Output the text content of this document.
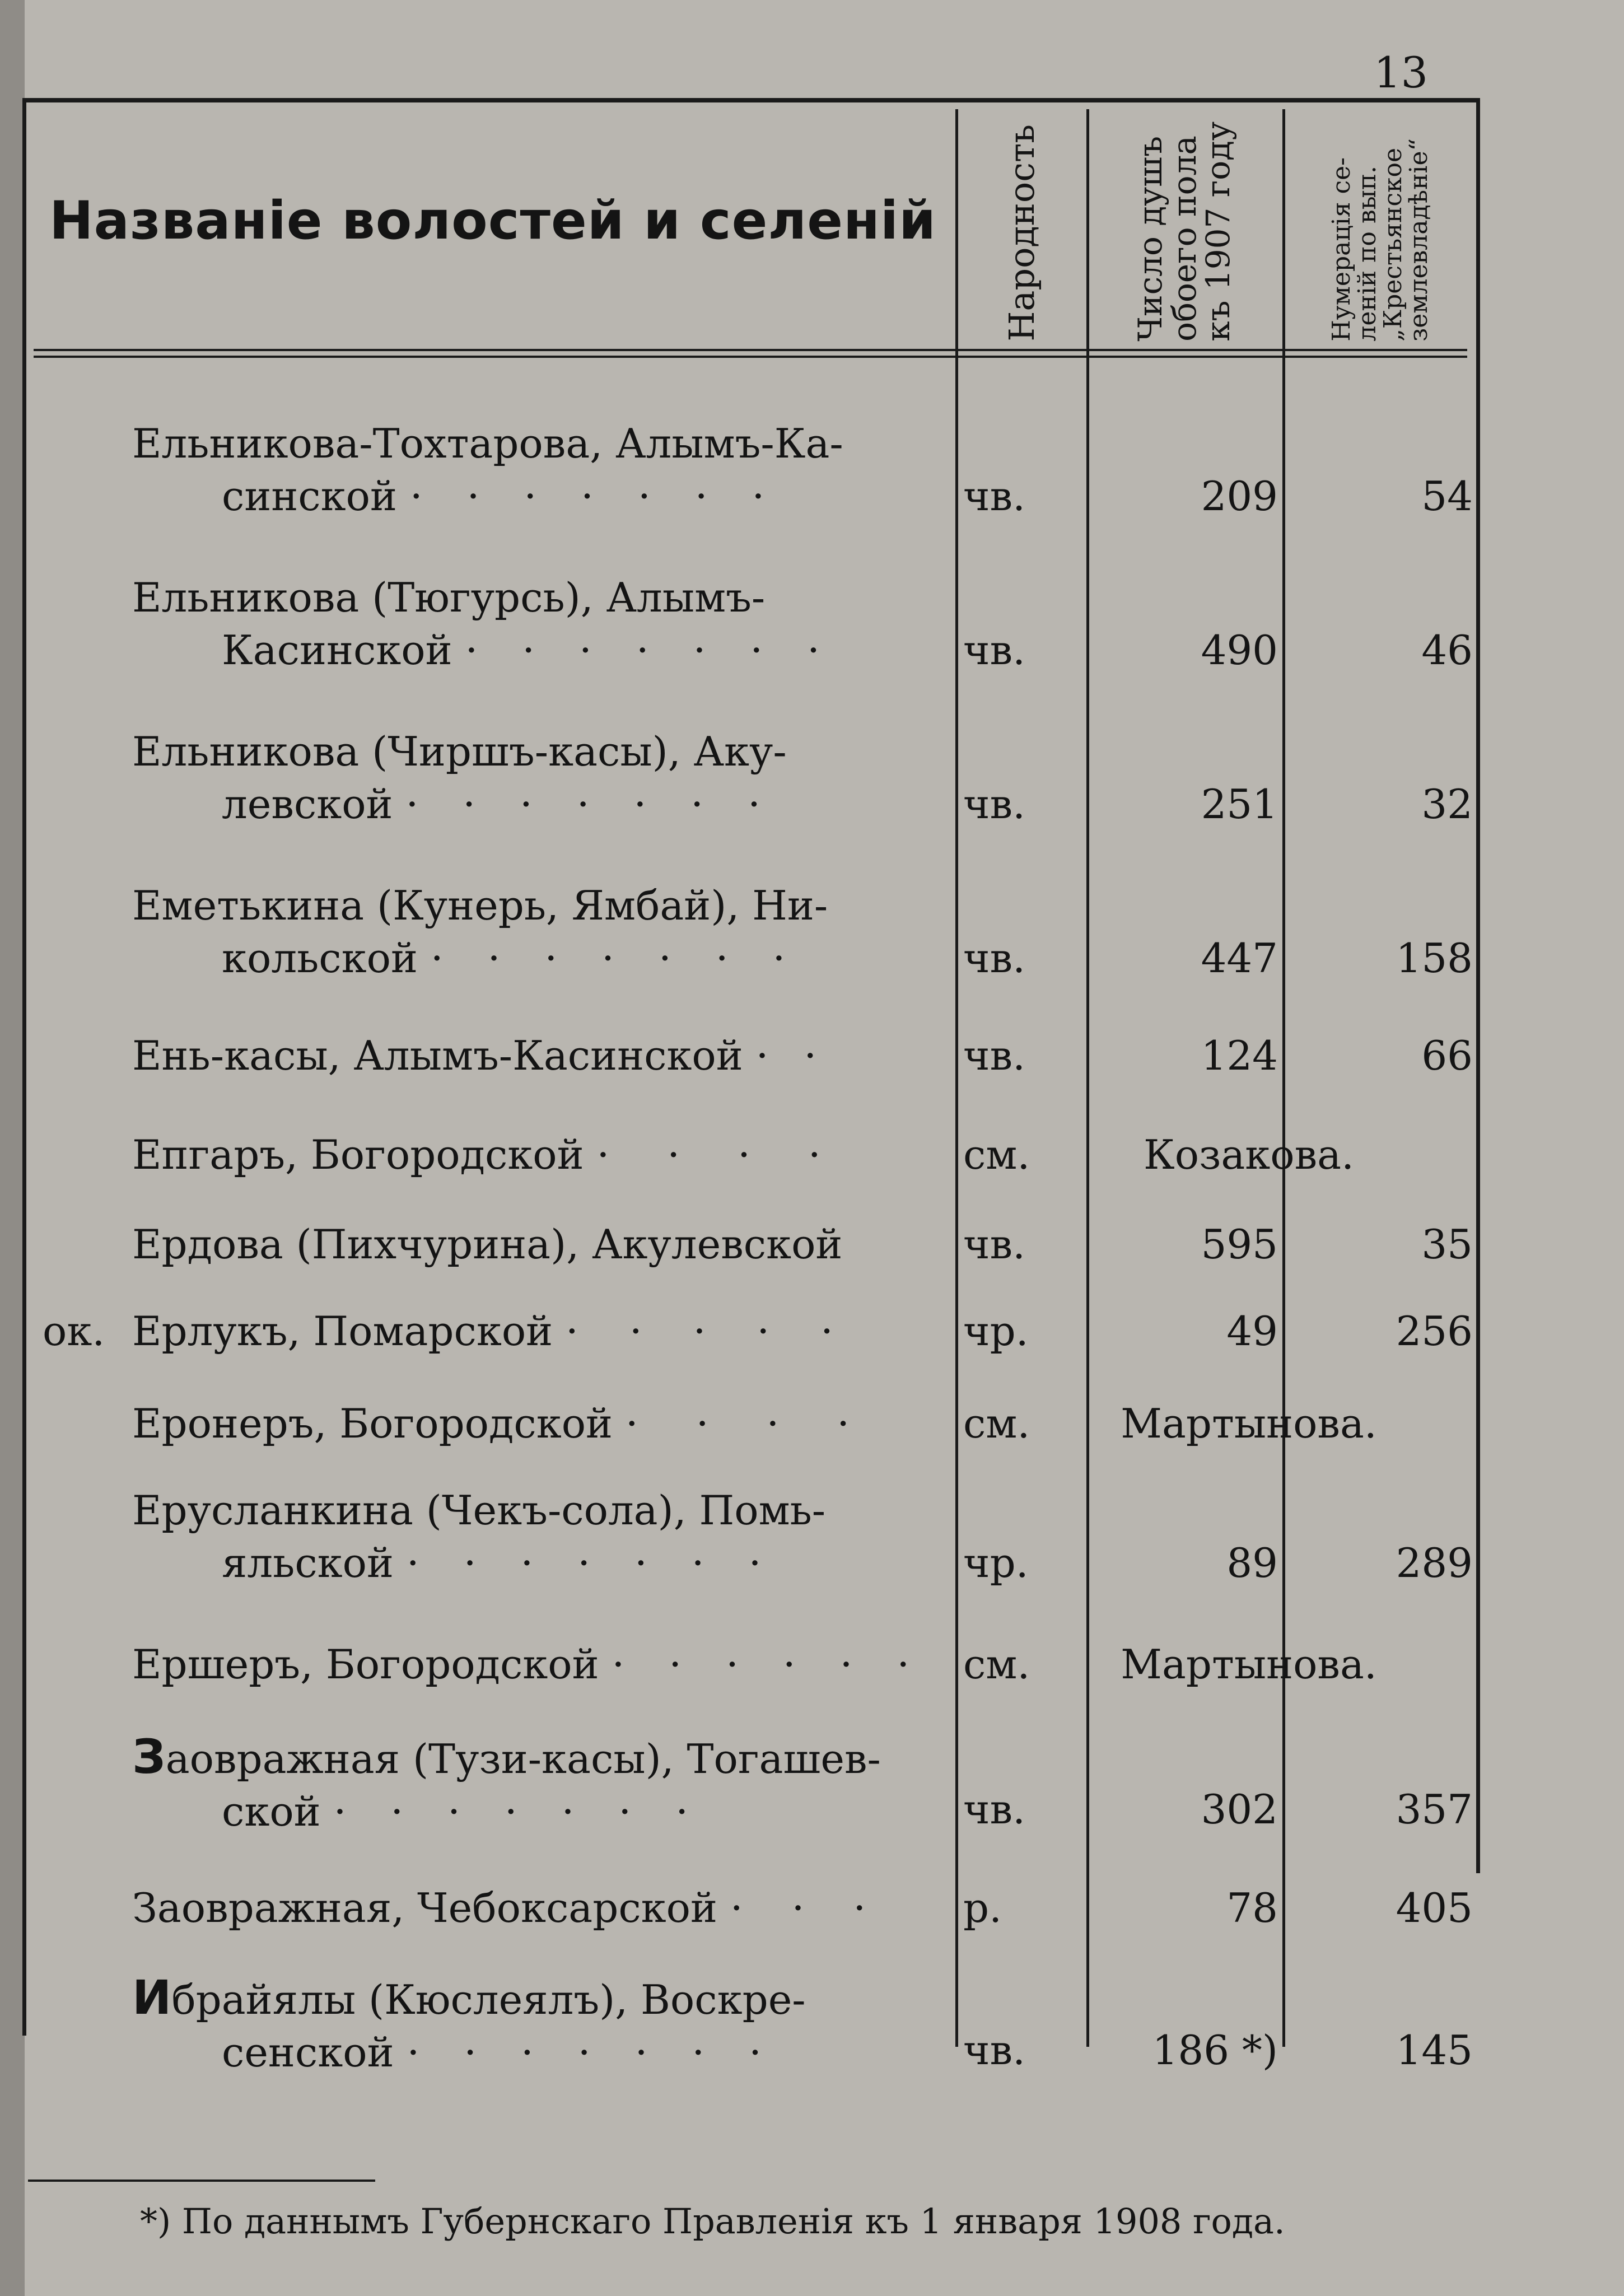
13
Названіе волостей и селеній	Народность	Число душъ
обоего пола
къ 1907 году	Нумерація се-
леній по вып.
„Крестьянское
землевладѣніе“
Ельникова-Тохтарова, Алымъ-Ка-
синской · · · · · · ·	чв.	209	54
Ельникова (Тюгурсь), Алымъ-
Касинской · · · · · · ·	чв.	490	46
Ельникова (Чиршъ-касы), Аку-
левской · · · · · · ·	чв.	251	32
Еметькина (Кунерь, Ямбай), Ни-
кольской · · · · · · ·	чв.	447	158
Ень-касы, Алымъ-Касинской · ·	чв.	124	66
Епгаръ, Богородской · · · ·	см.	Козакова.
Ердова (Пихчурина), Акулевской	чв.	595	35
ок. Ерлукъ, Помарской · · · · ·	чр.	49	256
Еронеръ, Богородской · · · ·	см.	Мартынова.
Еруслaнкина (Чекъ-сола), Помь-
яльской · · · · · · ·	чр.	89	289
Ершеръ, Богородской · · · · · · см.	Мартынова.
Заовражная (Тузи-касы), Тогашев-
ской · · · · · · ·	чв.	302	357
Заовражная, Чебоксарской · · ·	р.	78	405
Ибрайялы (Кюслеялъ), Воскре-
сенской · · · · · · ·	чв.	186 *)	145
*) По даннымъ Губернскаго Правленія къ 1 января 1908 года.
